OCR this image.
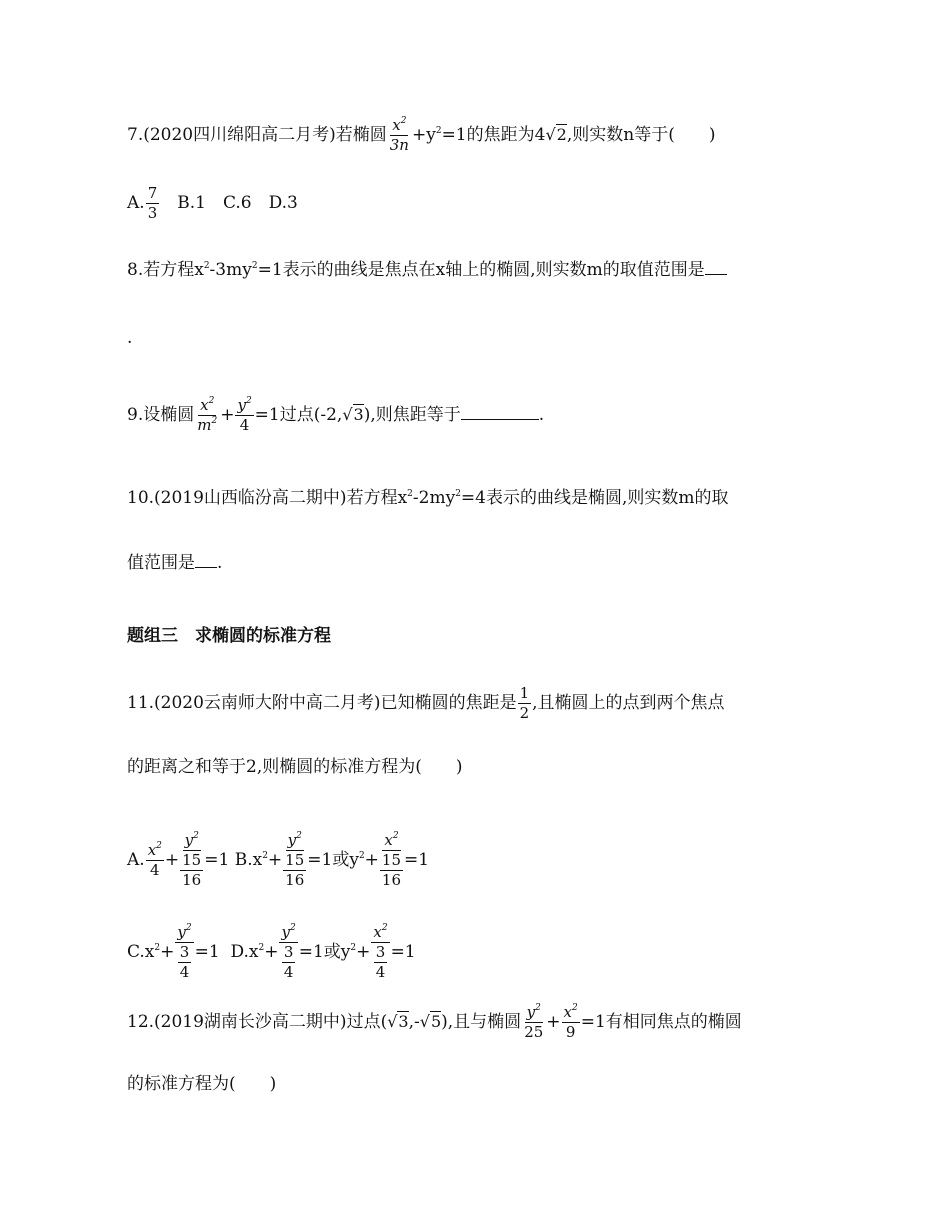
7.(2020四川绵阳高二月考)若椭圆 $\frac{x^2}{3n} +y^2=1$的焦距为4√2,则实数n等于(　　)
A. $\frac{7}{3}$ 　B.1　C.6　D.3
8.若方程$x^2-3my^2=1$表示的曲线是焦点在x轴上的椭圆,则实数m的取值范围是
.
9.设椭圆 $\frac{x^2}{m^2} + \frac{y^2}{4} =1$过点(-2,√3),则焦距等于	.
10.(2019山西临汾高二期中)若方程$x^2-2my^2=4$表示的曲线是椭圆,则实数m的取
值范围是 .
题组三　求椭圆的标准方程
11.(2020云南师大附中高二月考)已知椭圆的焦距是 $\frac{1}{2}$ ,且椭圆上的点到两个焦点
的距离之和等于2,则椭圆的标准方程为(　　)
A. $\frac{x^2}{4}$ +
$y^2$
15
16
=1 $B.x^2+$
$y^2$
15
16
=1或$y^2+$
$x^2$
15
16
=1
$C.x^2+$
$y^2$
3
4
=1 $D.x^2+$
$y^2$
3
4
=1或$y^2+$
$x^2$
3
4
=1
12.(2019湖南长沙高二期中)过点(√3,-√5),且与椭圆 $\frac{y^2}{25} + \frac{x^2}{9} =1$有相同焦点的椭圆
的标准方程为(　　)
